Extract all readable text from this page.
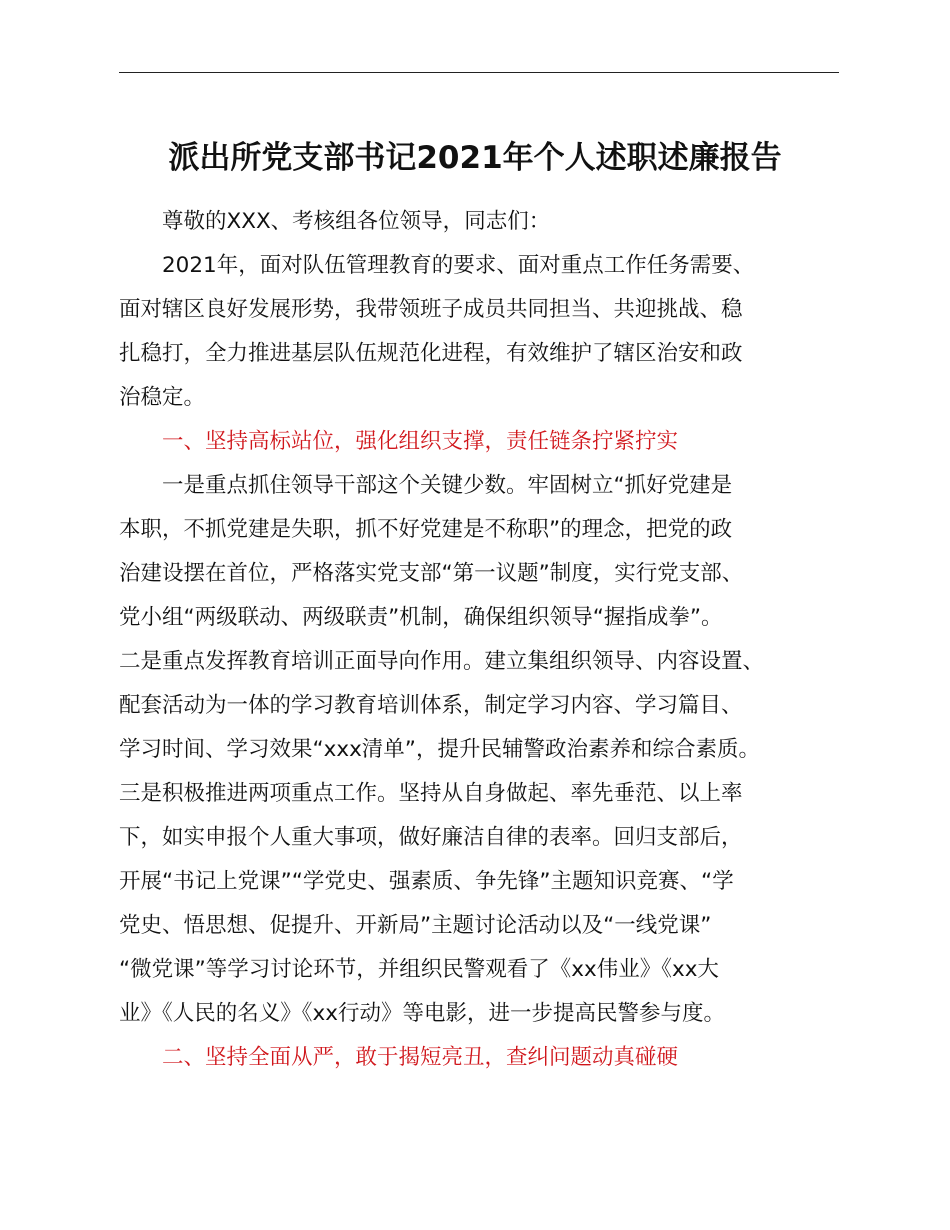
派出所党支部书记2021年个人述职述廉报告

尊敬的XXX、考核组各位领导，同志们：

2021年，面对队伍管理教育的要求、面对重点工作任务需要、
面对辖区良好发展形势，我带领班子成员共同担当、共迎挑战、稳
扎稳打，全力推进基层队伍规范化进程，有效维护了辖区治安和政
治稳定。

一、坚持高标站位，强化组织支撑，责任链条拧紧拧实

一是重点抓住领导干部这个关键少数。牢固树立“抓好党建是
本职，不抓党建是失职，抓不好党建是不称职”的理念，把党的政
治建设摆在首位，严格落实党支部“第一议题”制度，实行党支部、
党小组“两级联动、两级联责”机制，确保组织领导“握指成拳”。
二是重点发挥教育培训正面导向作用。建立集组织领导、内容设置、
配套活动为一体的学习教育培训体系，制定学习内容、学习篇目、
学习时间、学习效果“xxx清单”，提升民辅警政治素养和综合素质。
三是积极推进两项重点工作。坚持从自身做起、率先垂范、以上率
下，如实申报个人重大事项，做好廉洁自律的表率。回归支部后，
开展“书记上党课”“学党史、强素质、争先锋”主题知识竞赛、“学
党史、悟思想、促提升、开新局”主题讨论活动以及“一线党课”
“微党课”等学习讨论环节，并组织民警观看了《xx伟业》《xx大
业》《人民的名义》《xx行动》等电影，进一步提高民警参与度。

二、坚持全面从严，敢于揭短亮丑，查纠问题动真碰硬
